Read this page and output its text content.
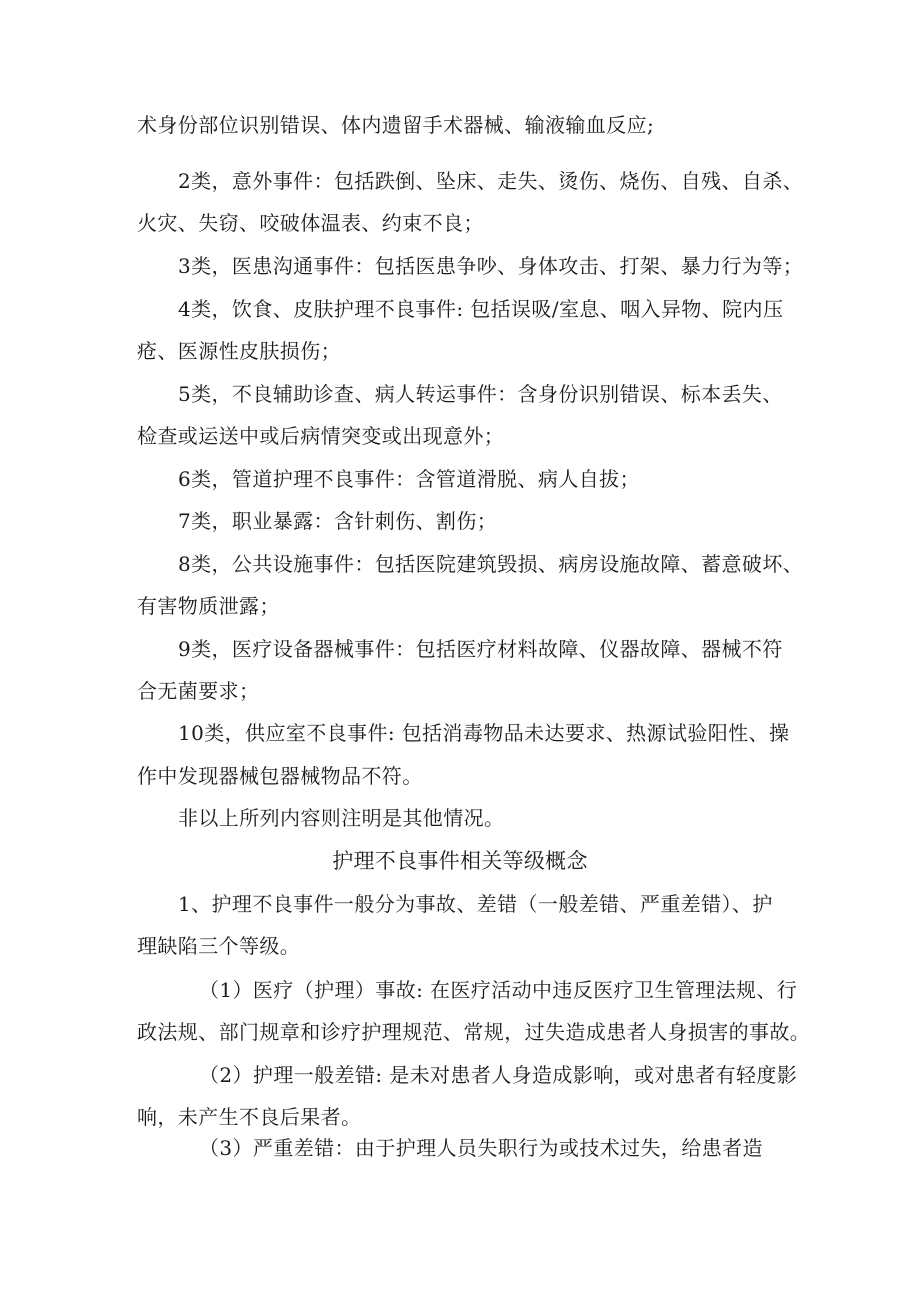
术身份部位识别错误、体内遗留手术器械、输液输血反应;
2类，意外事件：包括跌倒、坠床、走失、烫伤、烧伤、自残、自杀、
火灾、失窃、咬破体温表、约束不良；
3类，医患沟通事件：包括医患争吵、身体攻击、打架、暴力行为等；
4类，饮食、皮肤护理不良事件: 包括误吸/室息、咽入异物、院内压
疮、医源性皮肤损伤；
5类，不良辅助诊查、病人转运事件：含身份识别错误、标本丢失、
检查或运送中或后病情突变或出现意外；
6类，管道护理不良事件：含管道滑脱、病人自拔；
7类，职业暴露：含针刺伤、割伤；
8类，公共设施事件：包括医院建筑毁损、病房设施故障、蓄意破坏、
有害物质泄露；
9类，医疗设备器械事件：包括医疗材料故障、仪器故障、器械不符
合无菌要求；
10类，供应室不良事件: 包括消毒物品未达要求、热源试验阳性、操
作中发现器械包器械物品不符。
非以上所列内容则注明是其他情况。
护理不良事件相关等级概念
1、护理不良事件一般分为事故、差错（一般差错、严重差错）、护
理缺陷三个等级。
（1）医疗（护理）事故: 在医疗活动中违反医疗卫生管理法规、行
政法规、部门规章和诊疗护理规范、常规，过失造成患者人身损害的事故。
（2）护理一般差错: 是未对患者人身造成影响，或对患者有轻度影
响，未产生不良后果者。
（3）严重差错：由于护理人员失职行为或技术过失，给患者造
